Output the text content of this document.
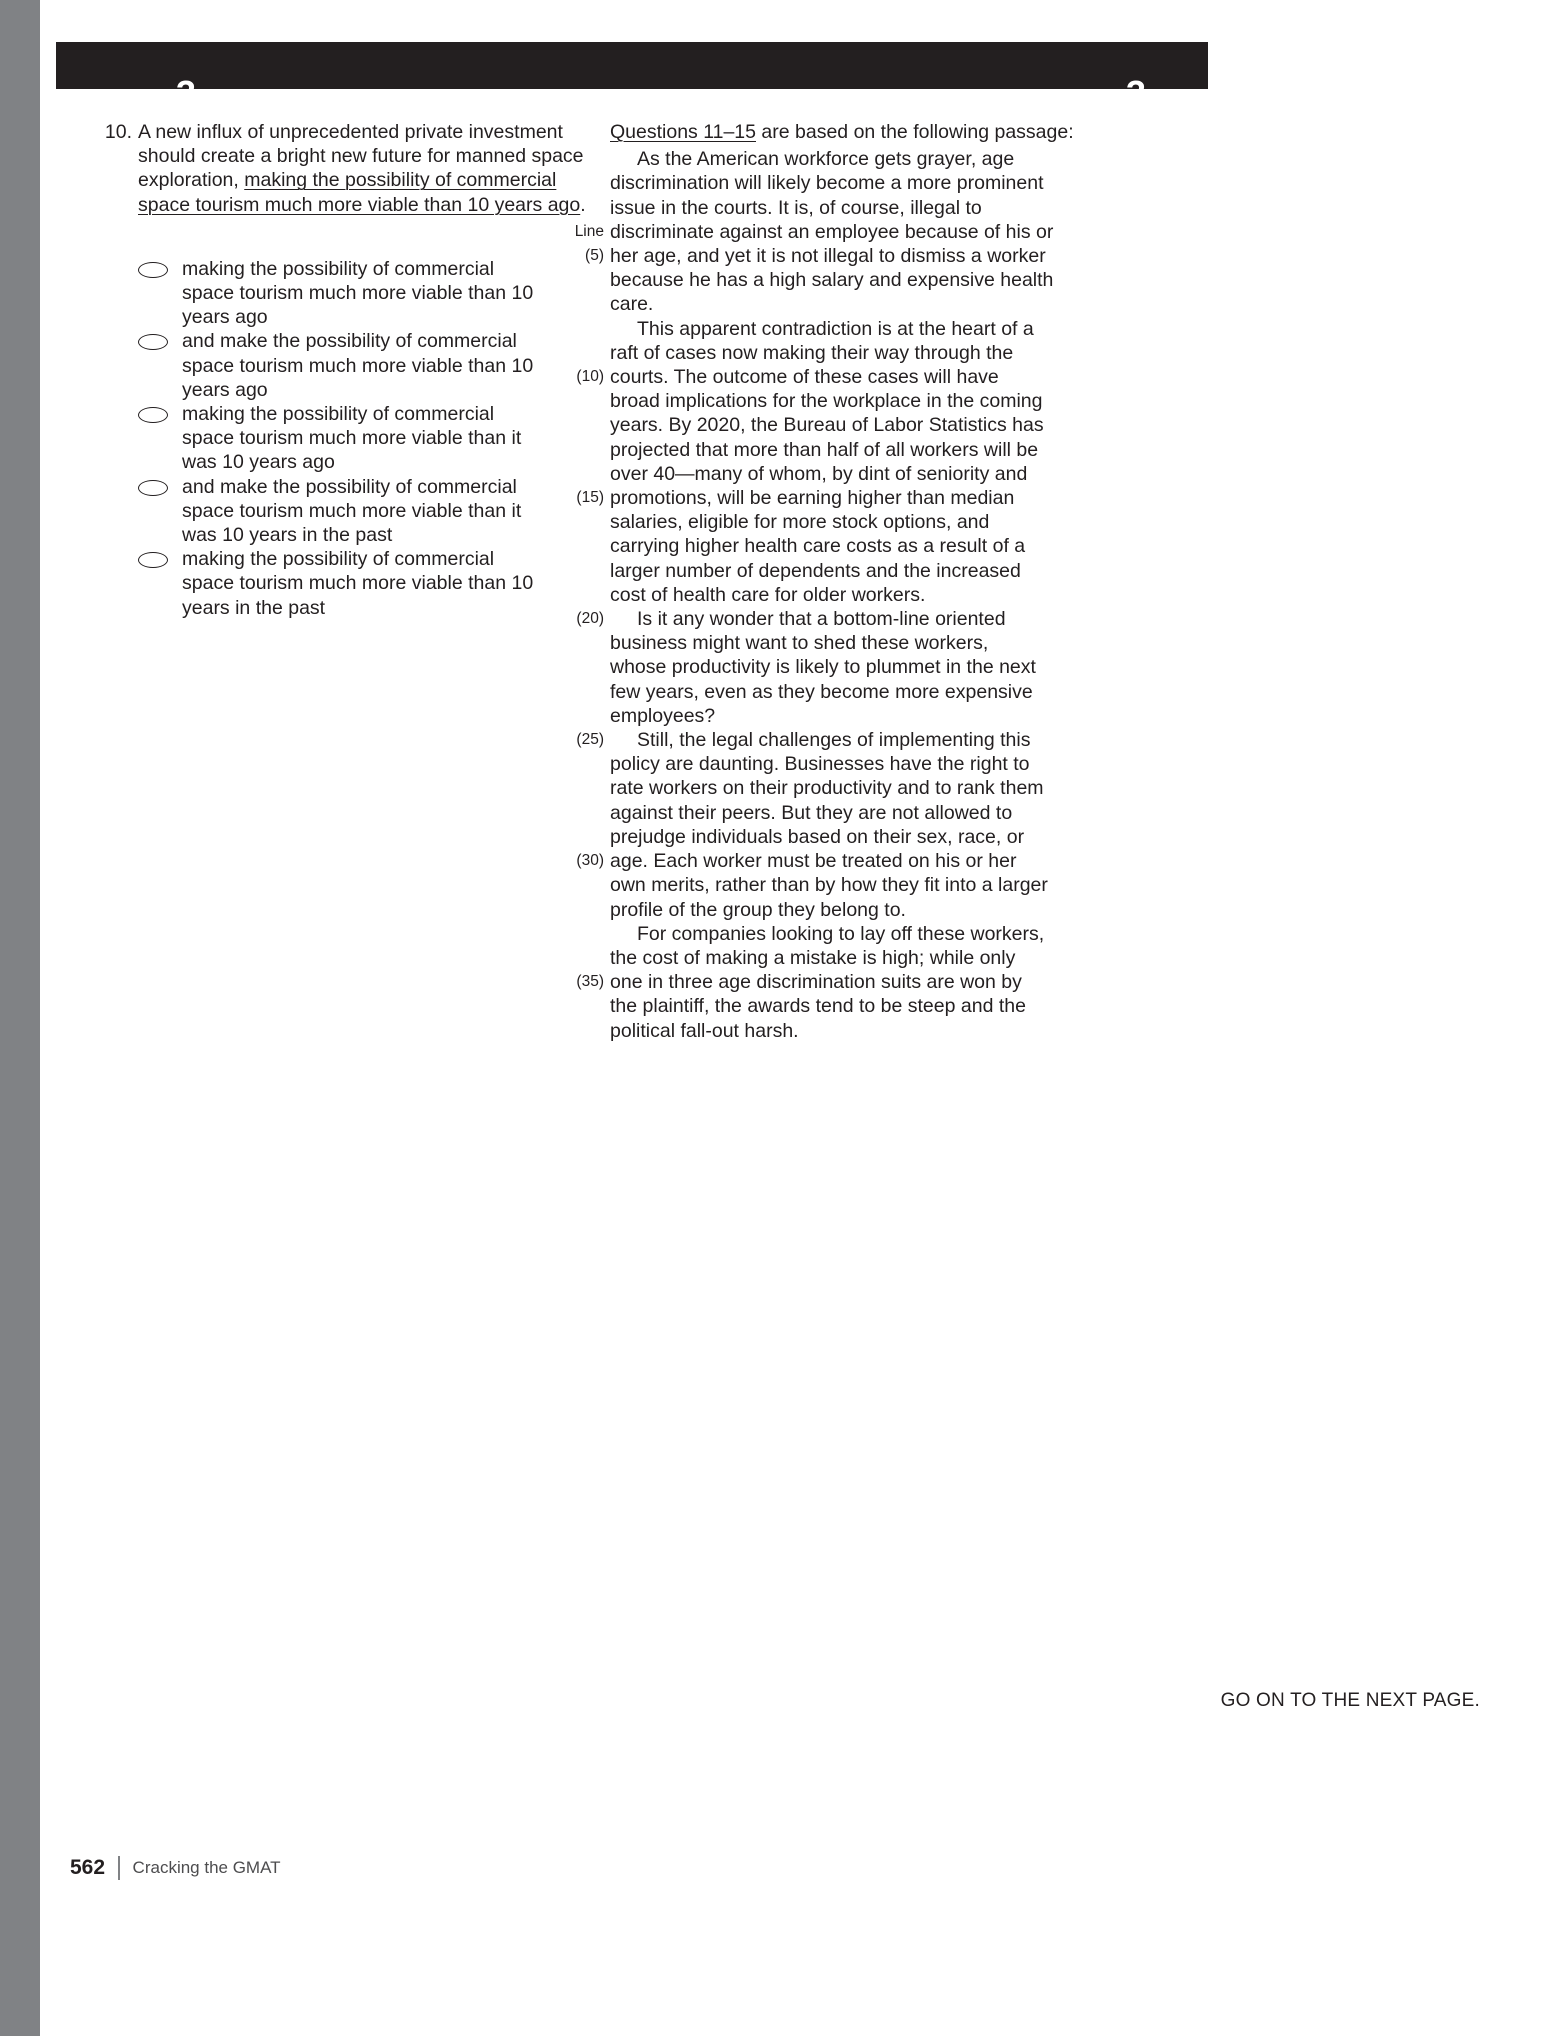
3	3	3	3	3	3	3	3
10. A new influx of unprecedented private investment should create a bright new future for manned space exploration, making the possibility of commercial space tourism much more viable than 10 years ago.
making the possibility of commercial space tourism much more viable than 10 years ago
and make the possibility of commercial space tourism much more viable than 10 years ago
making the possibility of commercial space tourism much more viable than it was 10 years ago
and make the possibility of commercial space tourism much more viable than it was 10 years in the past
making the possibility of commercial space tourism much more viable than 10 years in the past
Questions 11–15 are based on the following passage:
As the American workforce gets grayer, age
discrimination will likely become a more prominent
issue in the courts. It is, of course, illegal to
Line discriminate against an employee because of his or
(5) her age, and yet it is not illegal to dismiss a worker
because he has a high salary and expensive health
care.
This apparent contradiction is at the heart of a
raft of cases now making their way through the
(10) courts. The outcome of these cases will have
broad implications for the workplace in the coming
years. By 2020, the Bureau of Labor Statistics has
projected that more than half of all workers will be
over 40—many of whom, by dint of seniority and
(15) promotions, will be earning higher than median
salaries, eligible for more stock options, and
carrying higher health care costs as a result of a
larger number of dependents and the increased
cost of health care for older workers.
(20) Is it any wonder that a bottom-line oriented
business might want to shed these workers,
whose productivity is likely to plummet in the next
few years, even as they become more expensive
employees?
(25) Still, the legal challenges of implementing this
policy are daunting. Businesses have the right to
rate workers on their productivity and to rank them
against their peers. But they are not allowed to
prejudge individuals based on their sex, race, or
(30) age. Each worker must be treated on his or her
own merits, rather than by how they fit into a larger
profile of the group they belong to.
For companies looking to lay off these workers,
the cost of making a mistake is high; while only
(35) one in three age discrimination suits are won by
the plaintiff, the awards tend to be steep and the
political fall-out harsh.
GO ON TO THE NEXT PAGE.
562 Cracking the GMAT
